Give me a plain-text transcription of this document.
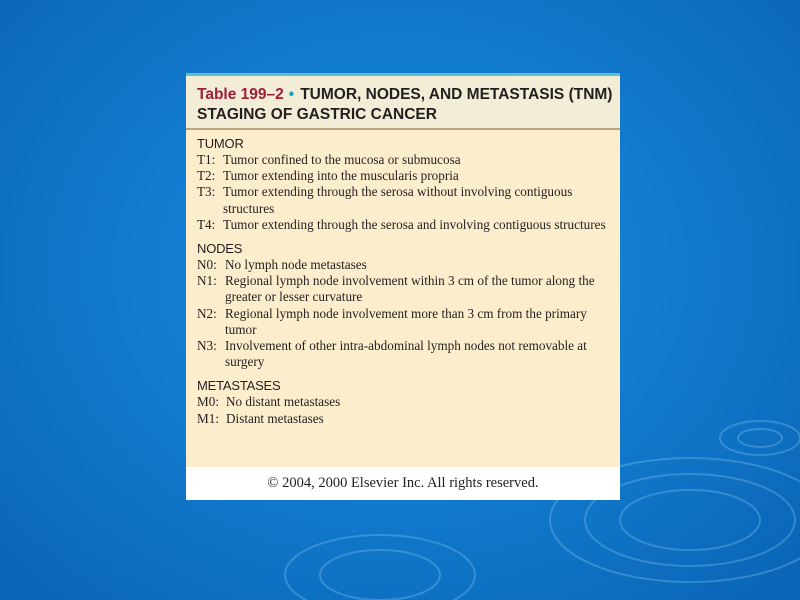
Table 199–2 • TUMOR, NODES, AND METASTASIS (TNM)
STAGING OF GASTRIC CANCER
TUMOR
T1: Tumor confined to the mucosa or submucosa
T2: Tumor extending into the muscularis propria
T3: Tumor extending through the serosa without involving contiguous structures
T4: Tumor extending through the serosa and involving contiguous structures
NODES
N0: No lymph node metastases
N1: Regional lymph node involvement within 3 cm of the tumor along the greater or lesser curvature
N2: Regional lymph node involvement more than 3 cm from the primary tumor
N3: Involvement of other intra-abdominal lymph nodes not removable at surgery
METASTASES
M0: No distant metastases
M1: Distant metastases
© 2004, 2000 Elsevier Inc. All rights reserved.
